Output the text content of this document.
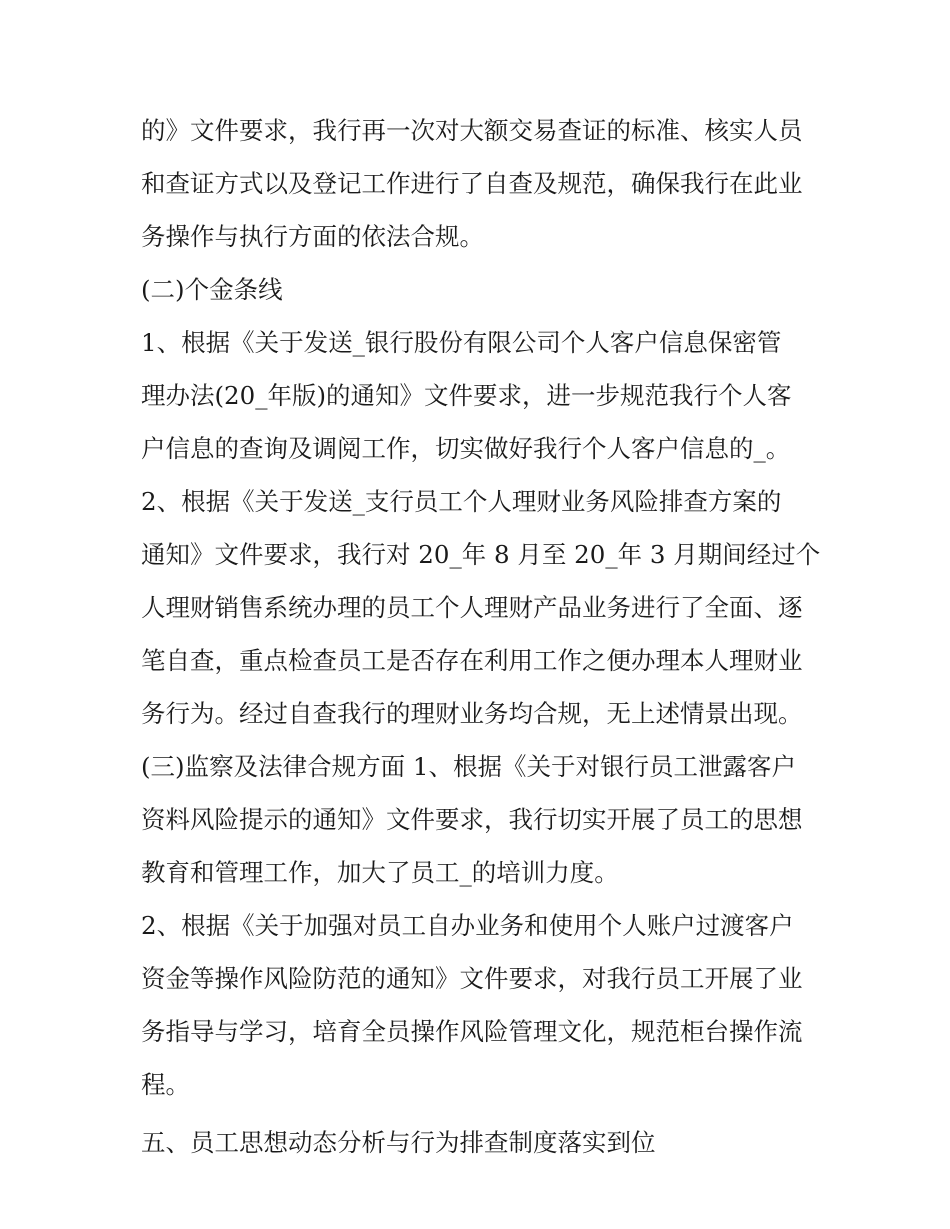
的》文件要求，我行再一次对大额交易查证的标准、核实人员
和查证方式以及登记工作进行了自查及规范，确保我行在此业
务操作与执行方面的依法合规。
(二)个金条线
1、根据《关于发送_银行股份有限公司个人客户信息保密管
理办法(20_年版)的通知》文件要求，进一步规范我行个人客
户信息的查询及调阅工作，切实做好我行个人客户信息的_。
2、根据《关于发送_支行员工个人理财业务风险排查方案的
通知》文件要求，我行对 20_年 8 月至 20_年 3 月期间经过个
人理财销售系统办理的员工个人理财产品业务进行了全面、逐
笔自查，重点检查员工是否存在利用工作之便办理本人理财业
务行为。经过自查我行的理财业务均合规，无上述情景出现。
(三)监察及法律合规方面 1、根据《关于对银行员工泄露客户
资料风险提示的通知》文件要求，我行切实开展了员工的思想
教育和管理工作，加大了员工_的培训力度。
2、根据《关于加强对员工自办业务和使用个人账户过渡客户
资金等操作风险防范的通知》文件要求，对我行员工开展了业
务指导与学习，培育全员操作风险管理文化，规范柜台操作流
程。
五、员工思想动态分析与行为排查制度落实到位
